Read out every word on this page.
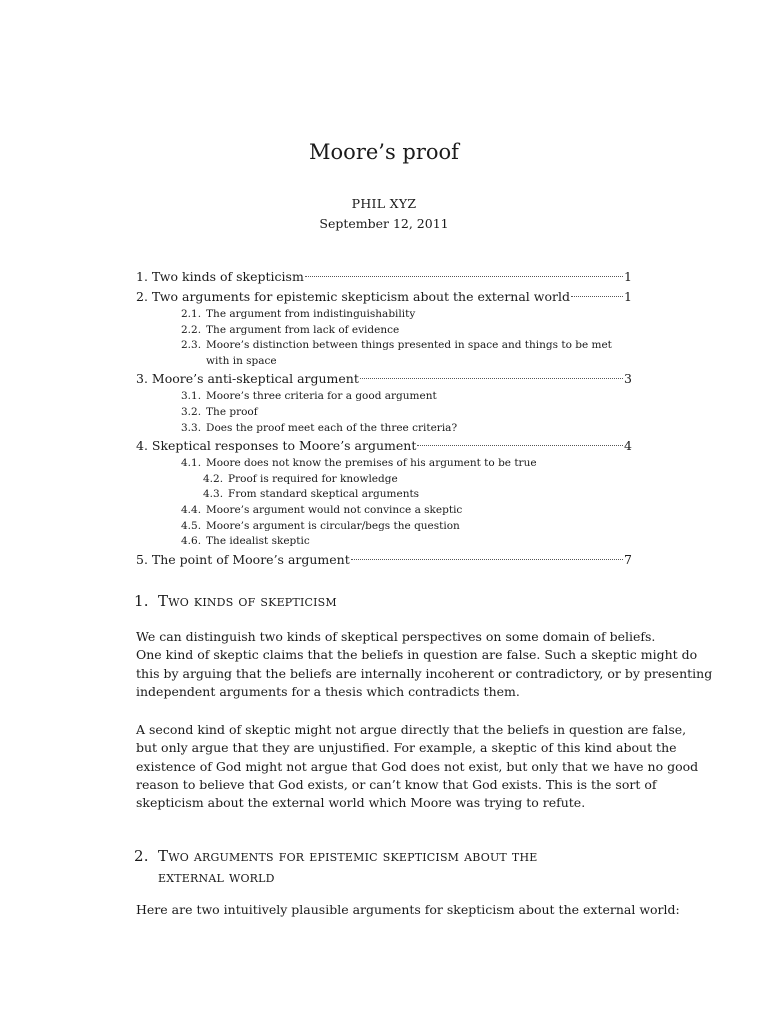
Moore’s proof
PHIL XYZ
September 12, 2011
1. Two kinds of skepticism	1
2. Two arguments for epistemic skepticism about the external world	1
2.1. The argument from indistinguishability
2.2. The argument from lack of evidence
2.3. Moore’s distinction between things presented in space and things to be met with in space
3. Moore’s anti-skeptical argument	3
3.1. Moore’s three criteria for a good argument
3.2. The proof
3.3. Does the proof meet each of the three criteria?
4. Skeptical responses to Moore’s argument	4
4.1. Moore does not know the premises of his argument to be true
4.2. Proof is required for knowledge
4.3. From standard skeptical arguments
4.4. Moore’s argument would not convince a skeptic
4.5. Moore’s argument is circular/begs the question
4.6. The idealist skeptic
5. The point of Moore’s argument	7
1. Two kinds of skepticism
We can distinguish two kinds of skeptical perspectives on some domain of beliefs.
One kind of skeptic claims that the beliefs in question are false. Such a skeptic might do
this by arguing that the beliefs are internally incoherent or contradictory, or by presenting
independent arguments for a thesis which contradicts them.
A second kind of skeptic might not argue directly that the beliefs in question are false,
but only argue that they are unjustified. For example, a skeptic of this kind about the
existence of God might not argue that God does not exist, but only that we have no good
reason to believe that God exists, or can’t know that God exists. This is the sort of
skepticism about the external world which Moore was trying to refute.
2. Two arguments for epistemic skepticism about the
external world
Here are two intuitively plausible arguments for skepticism about the external world:
